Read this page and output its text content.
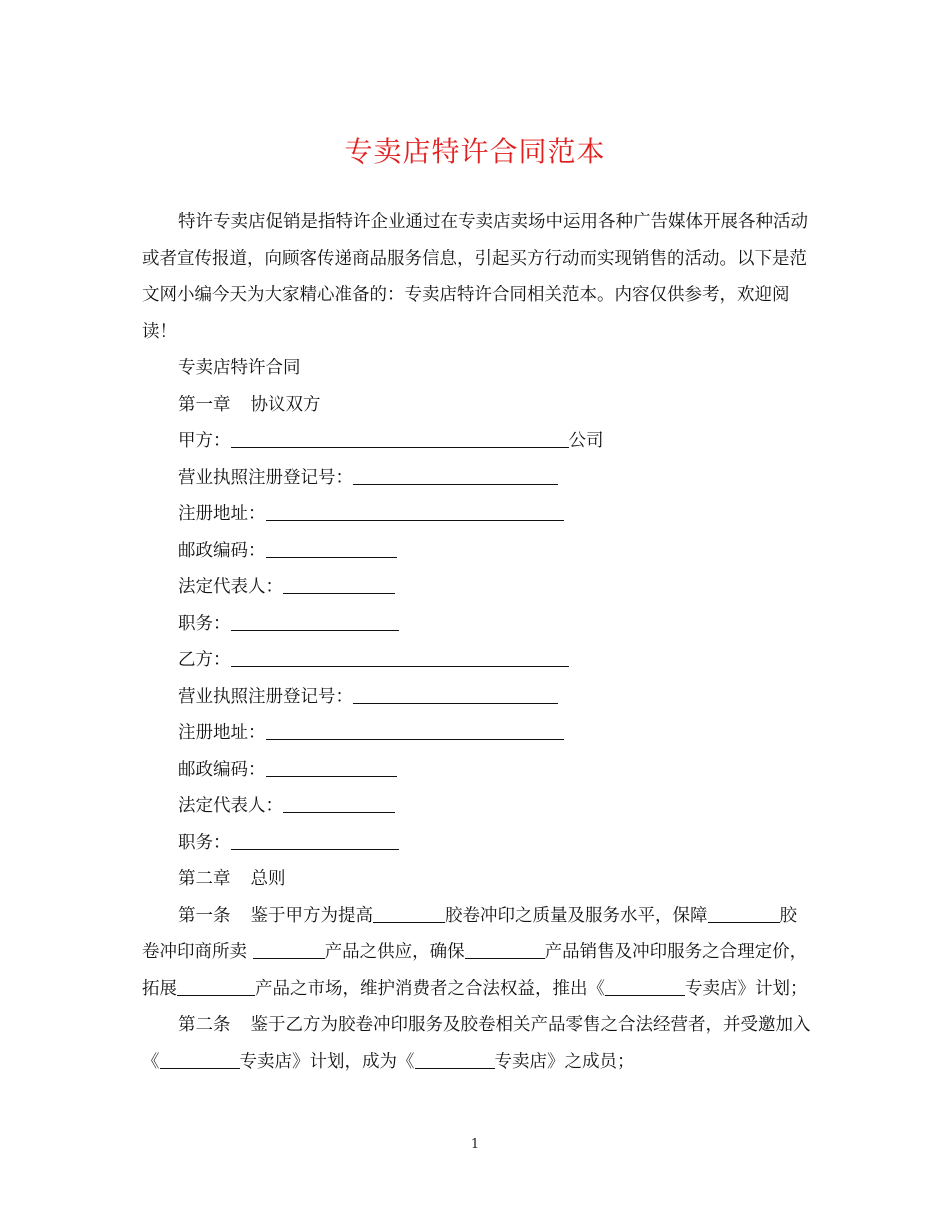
专卖店特许合同范本

特许专卖店促销是指特许企业通过在专卖店卖场中运用各种广告媒体开展各种活动或者宣传报道，向顾客传递商品服务信息，引起买方行动而实现销售的活动。以下是范文网小编今天为大家精心准备的：专卖店特许合同相关范本。内容仅供参考，欢迎阅读！

专卖店特许合同

第一章 协议双方

甲方：	公司

营业执照注册登记号：

注册地址：

邮政编码：

法定代表人：

职务：

乙方：

营业执照注册登记号：

注册地址：

邮政编码：

法定代表人：

职务：

第二章 总则

第一条 鉴于甲方为提高	胶卷冲印之质量及服务水平，保障	胶卷冲印商所卖	产品之供应，确保	产品销售及冲印服务之合理定价，拓展	产品之市场，维护消费者之合法权益，推出《	专卖店》计划；

第二条 鉴于乙方为胶卷冲印服务及胶卷相关产品零售之合法经营者，并受邀加入《	专卖店》计划，成为《	专卖店》之成员；

1
